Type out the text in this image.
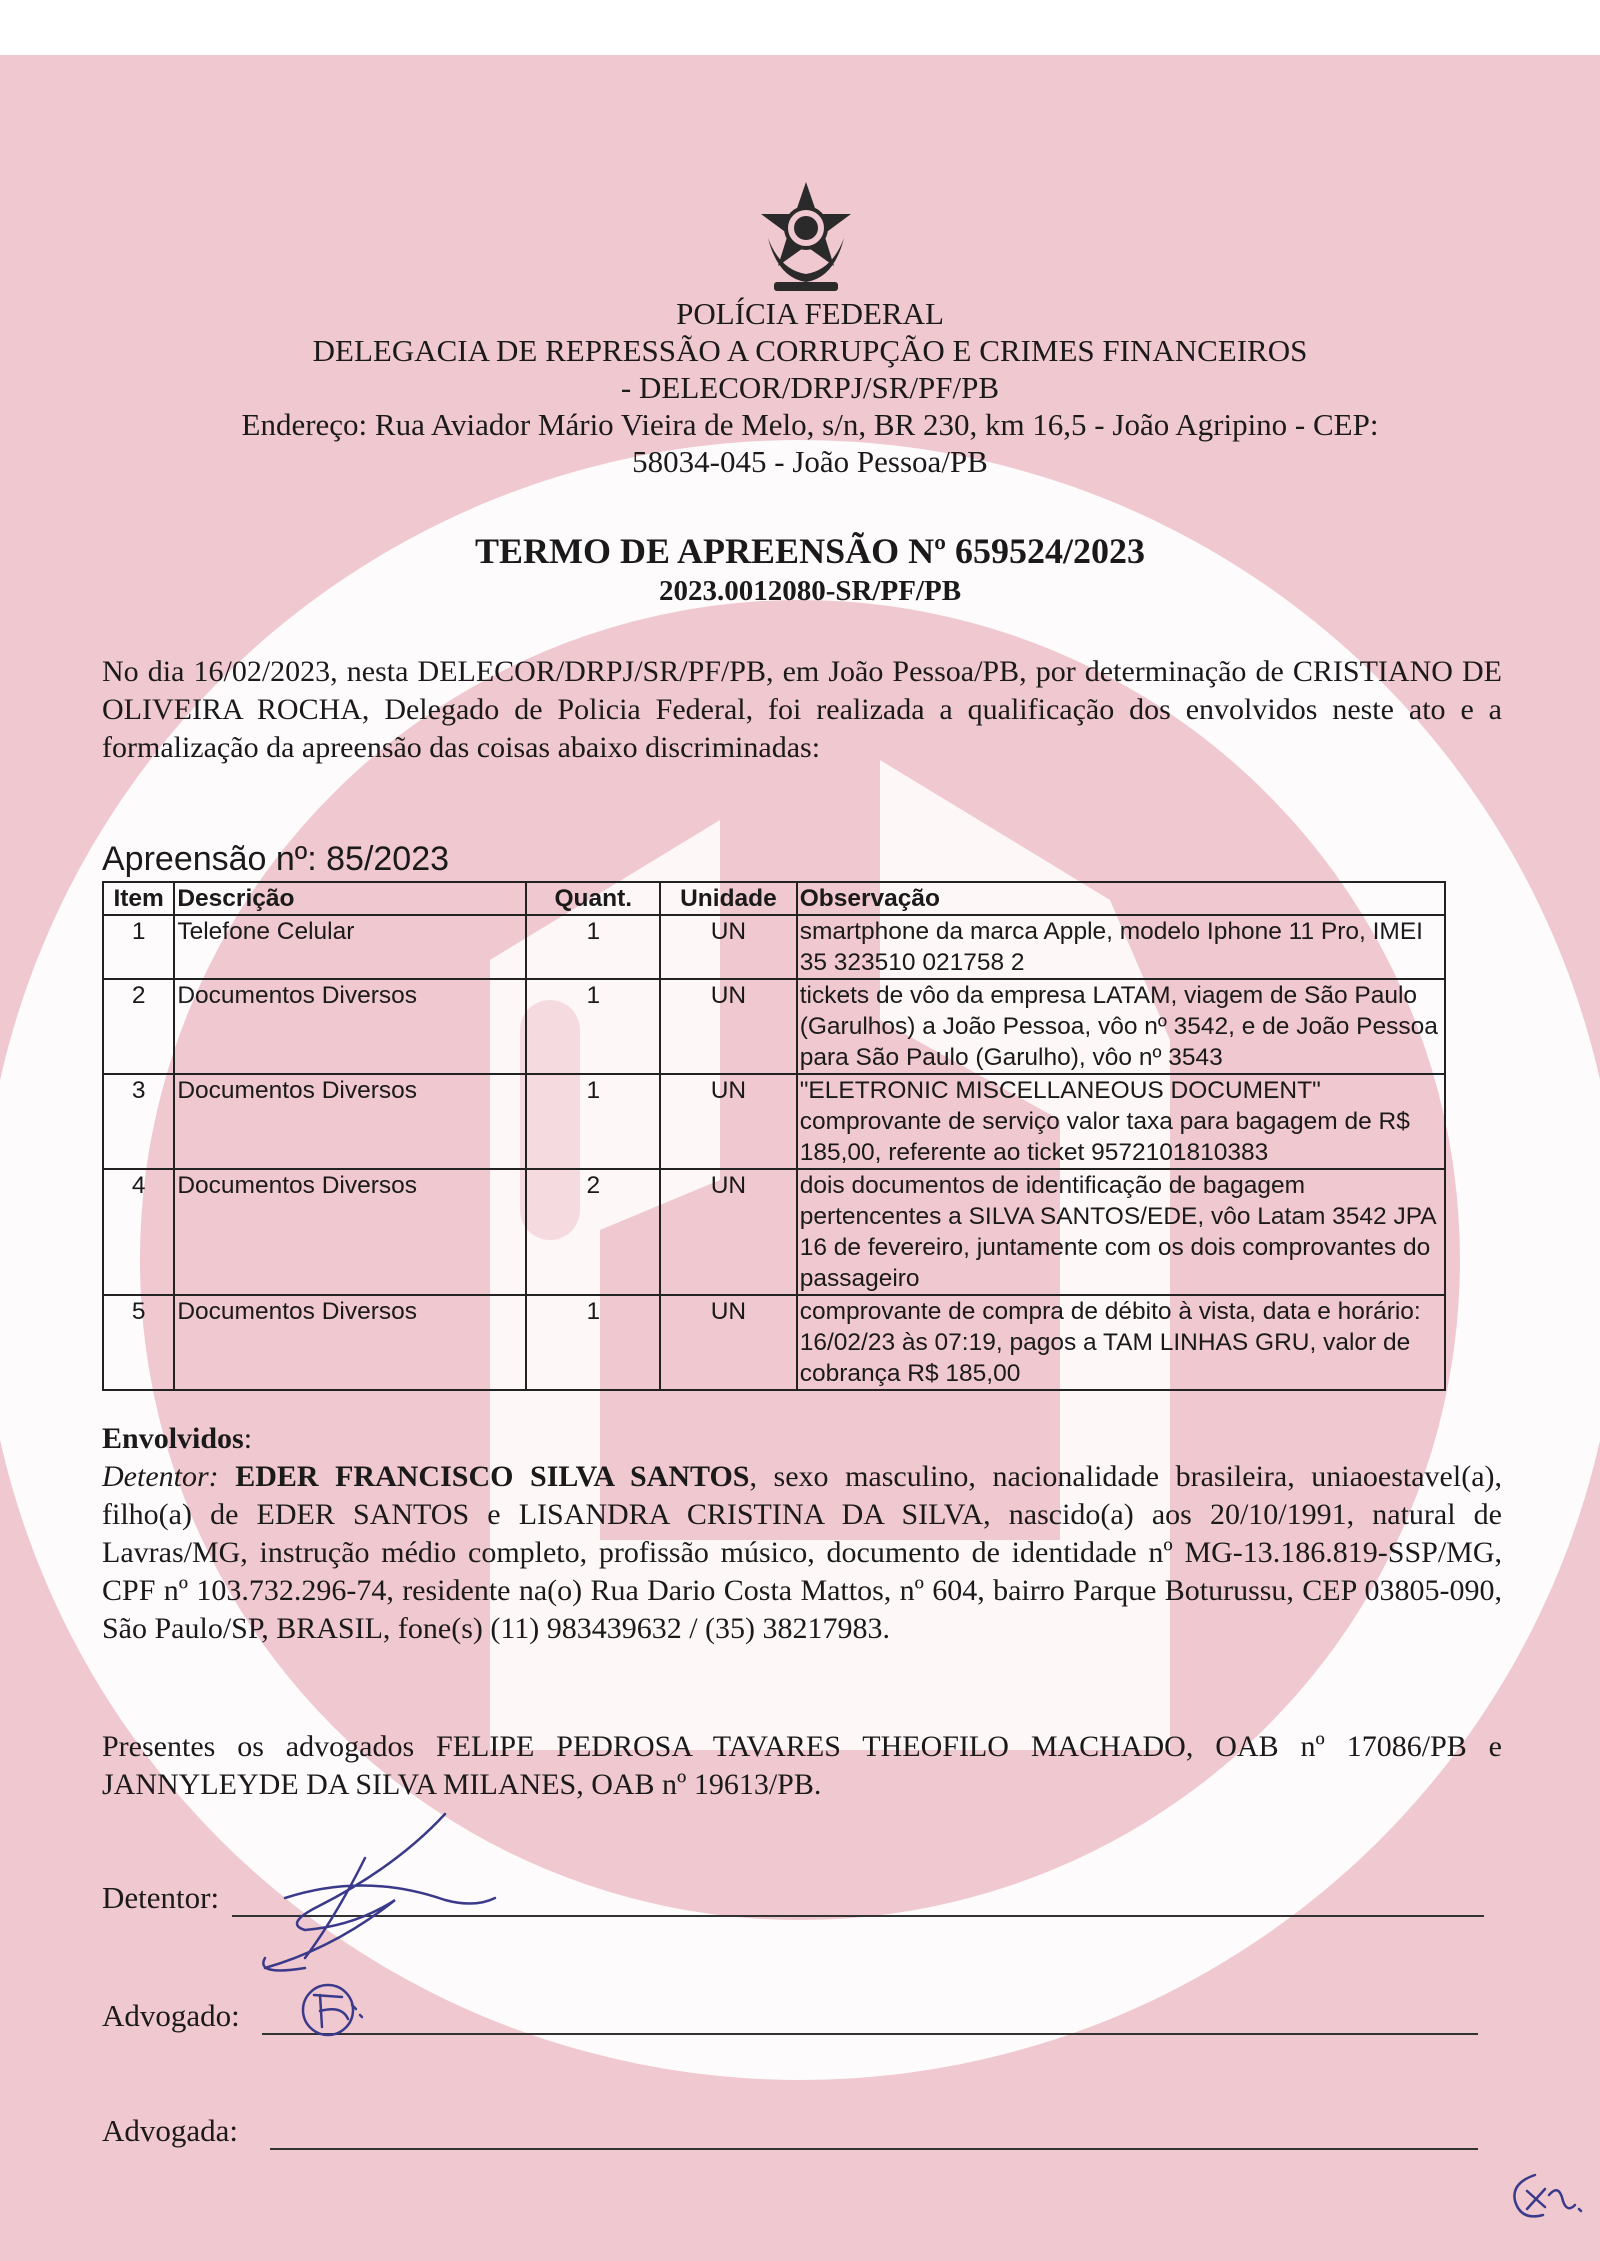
POLÍCIA FEDERAL
DELEGACIA DE REPRESSÃO A CORRUPÇÃO E CRIMES FINANCEIROS
- DELECOR/DRPJ/SR/PF/PB
Endereço: Rua Aviador Mário Vieira de Melo, s/n, BR 230, km 16,5 - João Agripino - CEP:
58034-045 - João Pessoa/PB
TERMO DE APREENSÃO Nº 659524/2023
2023.0012080-SR/PF/PB
No dia 16/02/2023, nesta DELECOR/DRPJ/SR/PF/PB, em João Pessoa/PB, por determinação de CRISTIANO DE OLIVEIRA ROCHA, Delegado de Policia Federal, foi realizada a qualificação dos envolvidos neste ato e a formalização da apreensão das coisas abaixo discriminadas:
Apreensão nº: 85/2023
Item	Descrição	Quant.	Unidade	Observação
1	Telefone Celular	1	UN	smartphone da marca Apple, modelo Iphone 11 Pro, IMEI 35 323510 021758 2
2	Documentos Diversos	1	UN	tickets de vôo da empresa LATAM, viagem de São Paulo (Garulhos) a João Pessoa, vôo nº 3542, e de João Pessoa para São Paulo (Garulho), vôo nº 3543
3	Documentos Diversos	1	UN	"ELETRONIC MISCELLANEOUS DOCUMENT" comprovante de serviço valor taxa para bagagem de R$ 185,00, referente ao ticket 9572101810383
4	Documentos Diversos	2	UN	dois documentos de identificação de bagagem pertencentes a SILVA SANTOS/EDE, vôo Latam 3542 JPA 16 de fevereiro, juntamente com os dois comprovantes do passageiro
5	Documentos Diversos	1	UN	comprovante de compra de débito à vista, data e horário: 16/02/23 às 07:19, pagos a TAM LINHAS GRU, valor de cobrança R$ 185,00
Envolvidos:
Detentor: EDER FRANCISCO SILVA SANTOS, sexo masculino, nacionalidade brasileira, uniaoestavel(a), filho(a) de EDER SANTOS e LISANDRA CRISTINA DA SILVA, nascido(a) aos 20/10/1991, natural de Lavras/MG, instrução médio completo, profissão músico, documento de identidade nº MG-13.186.819-SSP/MG, CPF nº 103.732.296-74, residente na(o) Rua Dario Costa Mattos, nº 604, bairro Parque Boturussu, CEP 03805-090, São Paulo/SP, BRASIL, fone(s) (11) 983439632 / (35) 38217983.
Presentes os advogados FELIPE PEDROSA TAVARES THEOFILO MACHADO, OAB nº 17086/PB e JANNYLEYDE DA SILVA MILANES, OAB nº 19613/PB.
Detentor:
Advogado:
Advogada:
